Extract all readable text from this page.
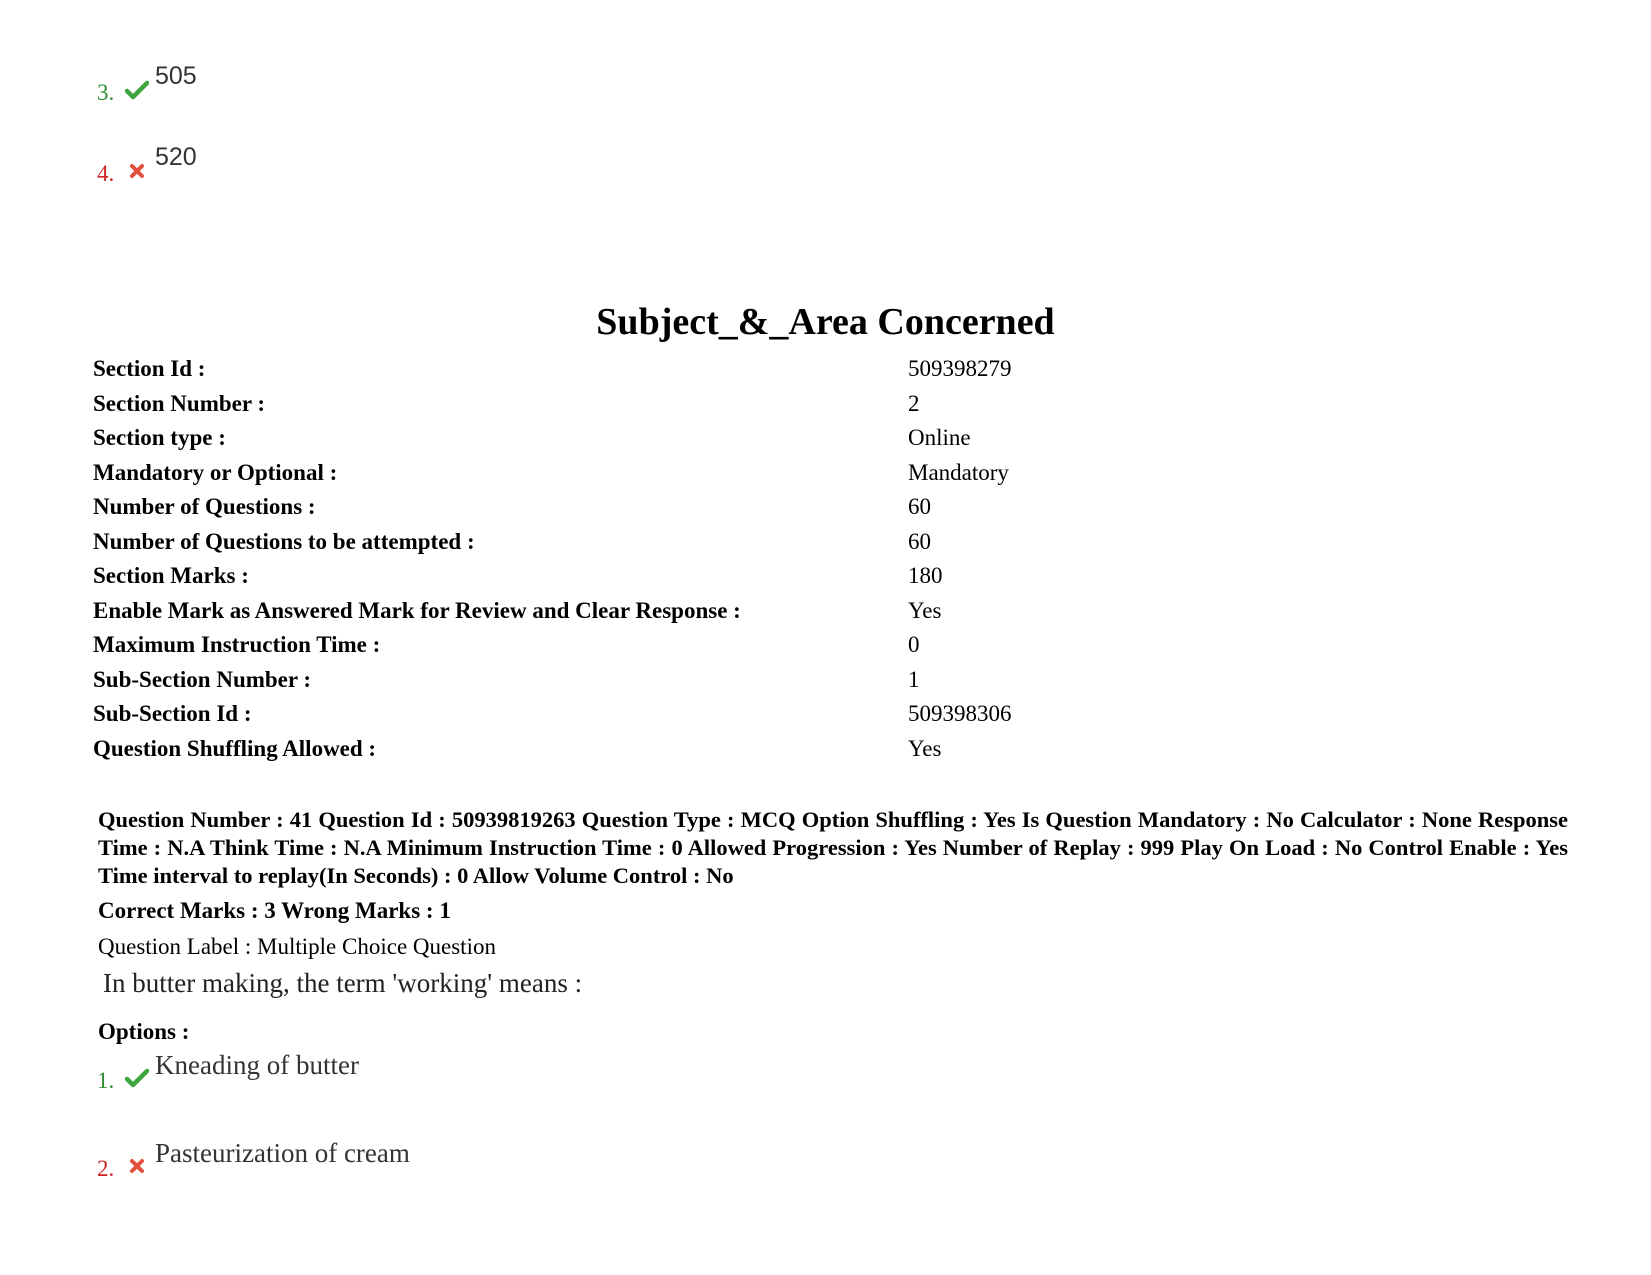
3.
505
4.
520
Subject_&_Area Concerned
Section Id :	509398279
Section Number :	2
Section type :	Online
Mandatory or Optional :	Mandatory
Number of Questions :	60
Number of Questions to be attempted :	60
Section Marks :	180
Enable Mark as Answered Mark for Review and Clear Response :	Yes
Maximum Instruction Time :	0
Sub-Section Number :	1
Sub-Section Id :	509398306
Question Shuffling Allowed :	Yes
Question Number : 41 Question Id : 50939819263 Question Type : MCQ Option Shuffling : Yes Is Question Mandatory : No Calculator : None Response Time : N.A Think Time : N.A Minimum Instruction Time : 0 Allowed Progression : Yes Number of Replay : 999 Play On Load : No Control Enable : Yes Time interval to replay(In Seconds) : 0 Allow Volume Control : No
Correct Marks : 3 Wrong Marks : 1
Question Label : Multiple Choice Question
In butter making, the term 'working' means :
Options :
1.
Kneading of butter
2.
Pasteurization of cream
